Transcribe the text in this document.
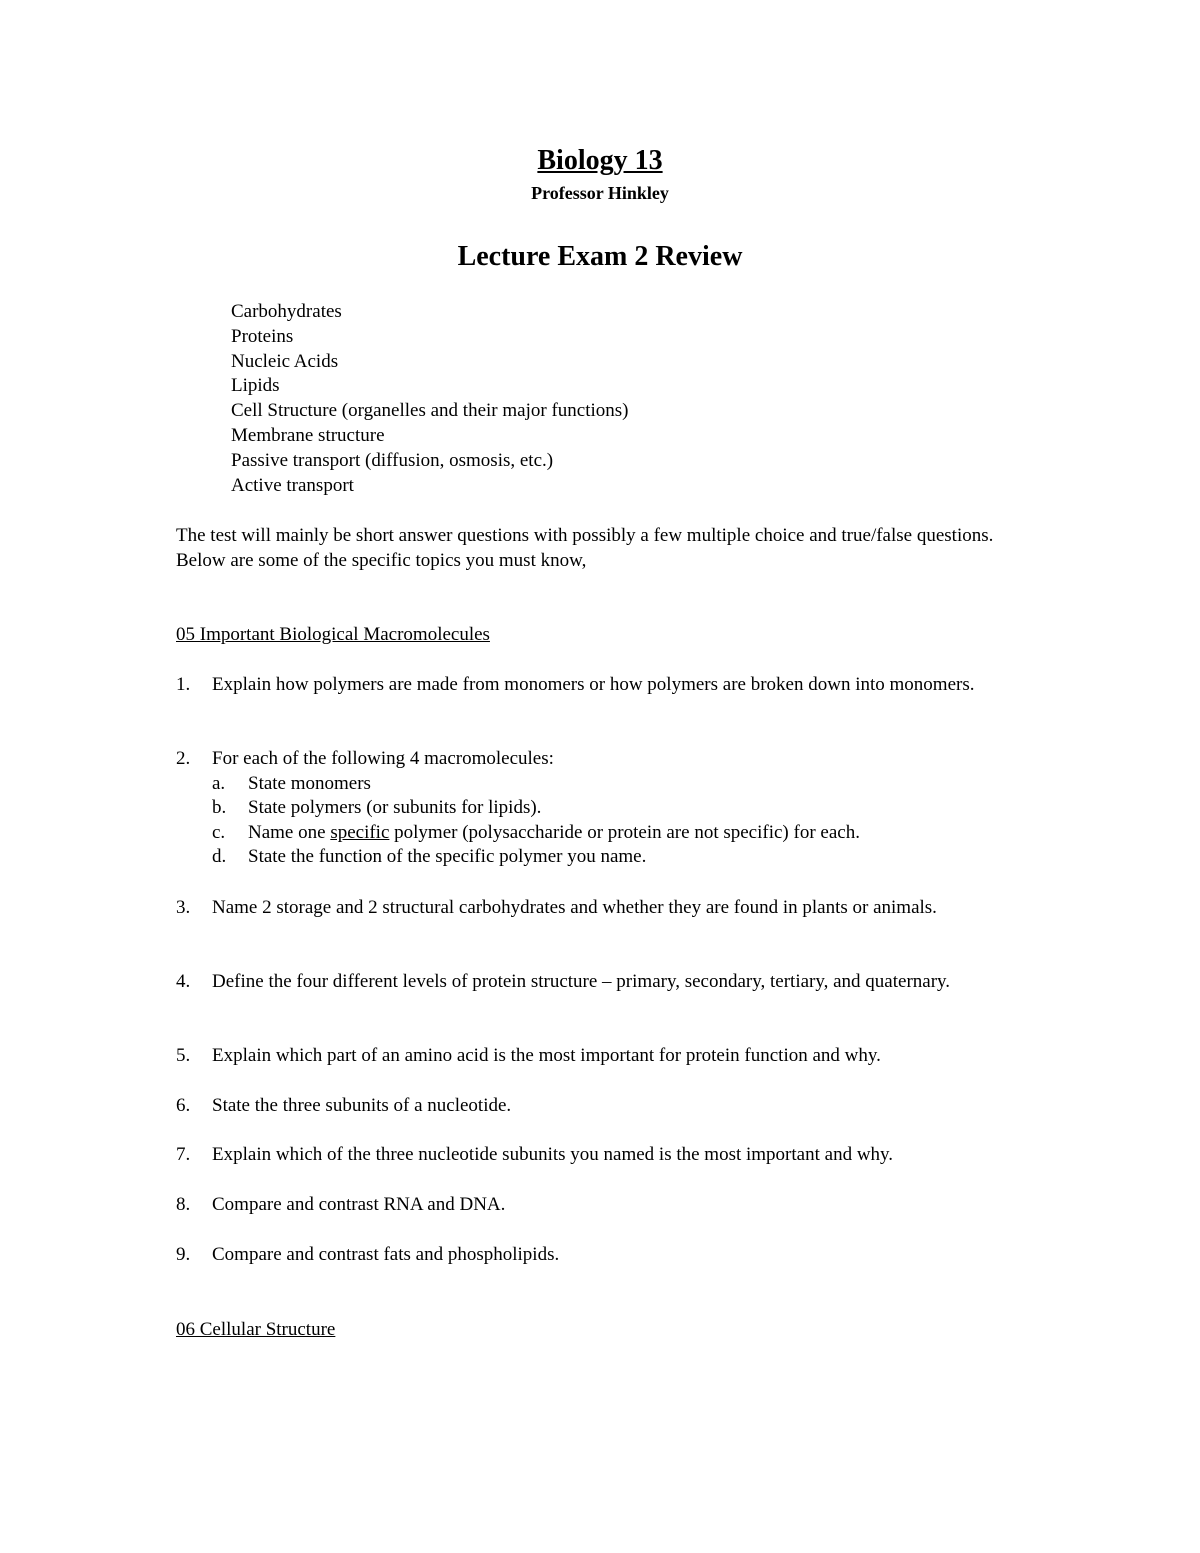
Biology 13
Professor Hinkley
Lecture Exam 2 Review
Carbohydrates
Proteins
Nucleic Acids
Lipids
Cell Structure (organelles and their major functions)
Membrane structure
Passive transport (diffusion, osmosis, etc.)
Active transport

The test will mainly be short answer questions with possibly a few multiple choice and true/false questions. Below are some of the specific topics you must know,

05 Important Biological Macromolecules
1. Explain how polymers are made from monomers or how polymers are broken down into monomers.
2. For each of the following 4 macromolecules:
a. State monomers
b. State polymers (or subunits for lipids).
c. Name one specific polymer (polysaccharide or protein are not specific) for each.
d. State the function of the specific polymer you name.
3. Name 2 storage and 2 structural carbohydrates and whether they are found in plants or animals.
4. Define the four different levels of protein structure – primary, secondary, tertiary, and quaternary.
5. Explain which part of an amino acid is the most important for protein function and why.
6. State the three subunits of a nucleotide.
7. Explain which of the three nucleotide subunits you named is the most important and why.
8. Compare and contrast RNA and DNA.
9. Compare and contrast fats and phospholipids.
06 Cellular Structure
